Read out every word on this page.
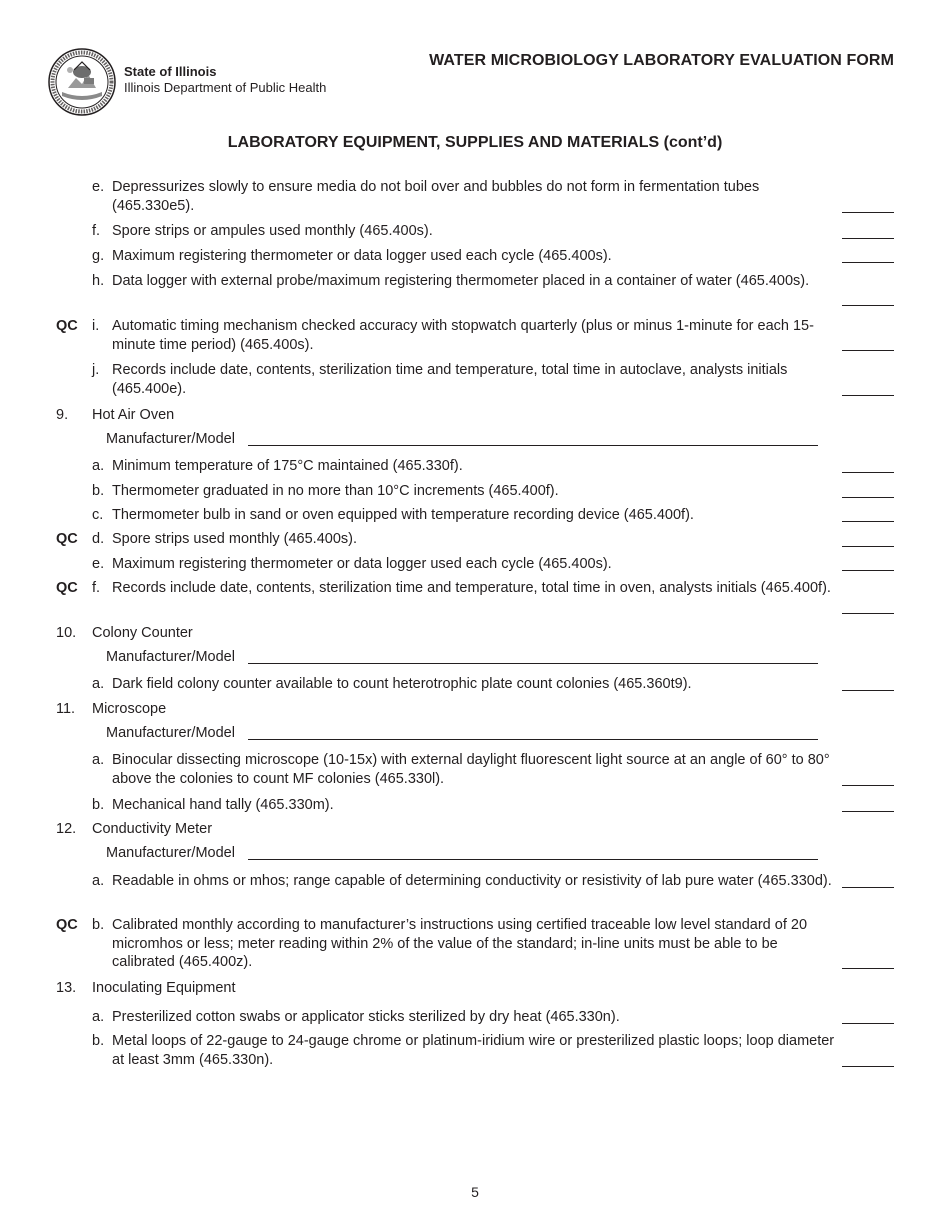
State of Illinois
Illinois Department of Public Health
WATER MICROBIOLOGY LABORATORY EVALUATION FORM
LABORATORY EQUIPMENT, SUPPLIES AND MATERIALS (cont’d)
e. Depressurizes slowly to ensure media do not boil over and bubbles do not form in fermentation tubes (465.330e5).
f. Spore strips or ampules used monthly (465.400s).
g. Maximum registering thermometer or data logger used each cycle (465.400s).
h. Data logger with external probe/maximum registering thermometer placed in a container of water (465.400s).
QC i. Automatic timing mechanism checked accuracy with stopwatch quarterly (plus or minus 1-minute for each 15-minute time period) (465.400s).
j. Records include date, contents, sterilization time and temperature, total time in autoclave, analysts initials (465.400e).
9. Hot Air Oven
Manufacturer/Model
a. Minimum temperature of 175°C maintained (465.330f).
b. Thermometer graduated in no more than 10°C increments (465.400f).
c. Thermometer bulb in sand or oven equipped with temperature recording device (465.400f).
QC d. Spore strips used monthly (465.400s).
e. Maximum registering thermometer or data logger used each cycle (465.400s).
QC f. Records include date, contents, sterilization time and temperature, total time in oven, analysts initials (465.400f).
10. Colony Counter
Manufacturer/Model
a. Dark field colony counter available to count heterotrophic plate count colonies (465.360t9).
11. Microscope
Manufacturer/Model
a. Binocular dissecting microscope (10-15x) with external daylight fluorescent light source at an angle of 60° to 80° above the colonies to count MF colonies (465.330l).
b. Mechanical hand tally (465.330m).
12. Conductivity Meter
Manufacturer/Model
a. Readable in ohms or mhos; range capable of determining conductivity or resistivity of lab pure water (465.330d).
QC b. Calibrated monthly according to manufacturer’s instructions using certified traceable low level standard of 20 micromhos or less; meter reading within 2% of the value of the standard; in-line units must be able to be calibrated (465.400z).
13. Inoculating Equipment
a. Presterilized cotton swabs or applicator sticks sterilized by dry heat (465.330n).
b. Metal loops of 22-gauge to 24-gauge chrome or platinum-iridium wire or presterilized plastic loops; loop diameter at least 3mm (465.330n).
5
